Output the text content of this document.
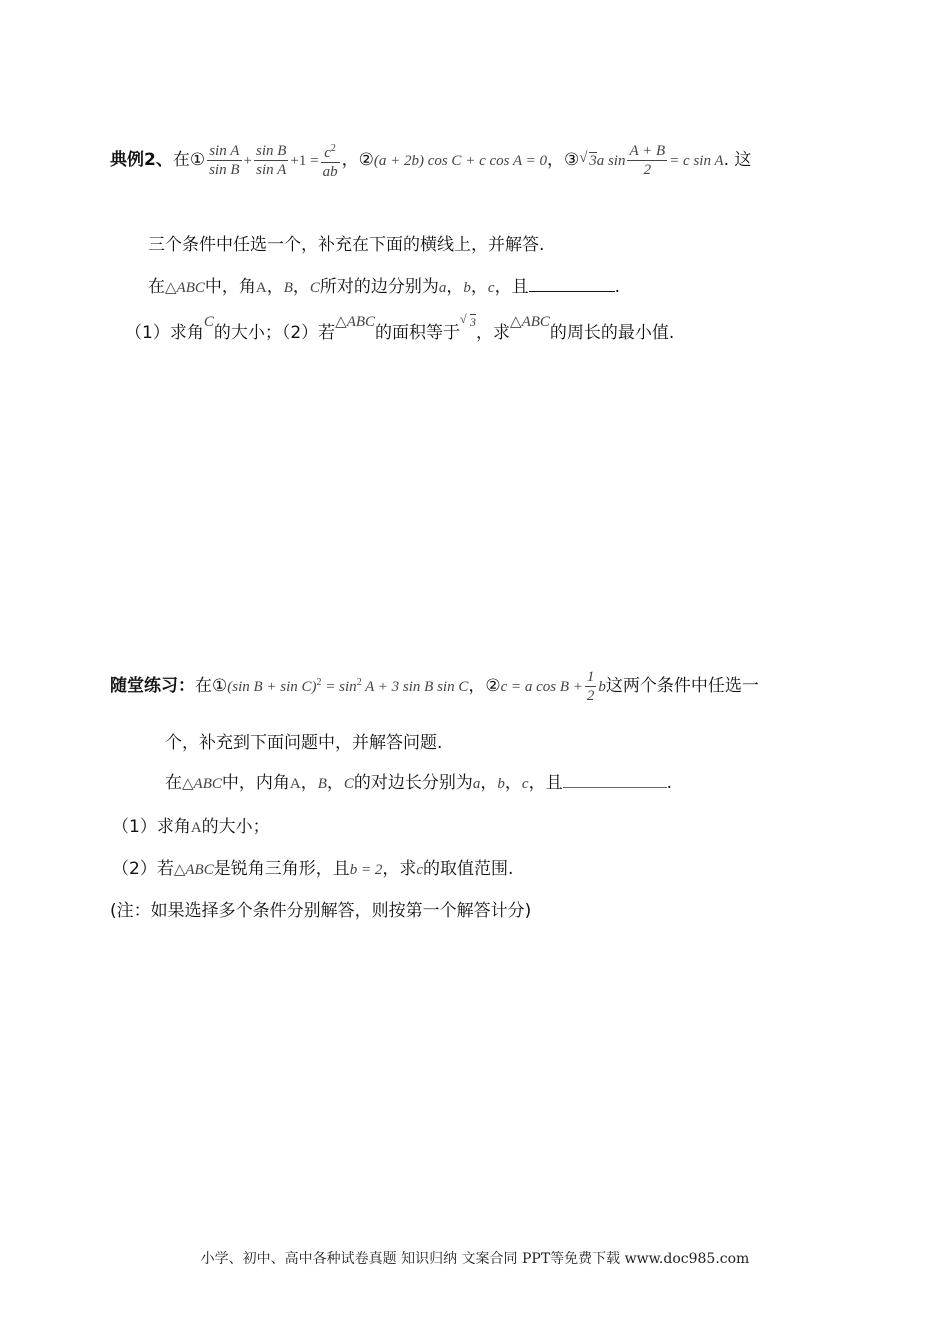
典例2、在① $\frac{\text{sin A}}{\text{sin B}} + \frac{\text{sin B}}{\text{sin A}} +1 = \frac{c^2}{ab}$ ，②(a + 2b) cos C + c cos A = 0，③√ 3a $\sin \frac{A + B}{2} = c$ sin A. 这
三个条件中任选一个，补充在下面的横线上，并解答.
在△ABC中，角A，B，C所对的边分别为a，b，c，且	.
（1）求角C的大小；（2）若△ABC的面积等于√ $^3$，求△ABC的周长的最小值.
随堂练习：在①(sin $B + \sin C)^2 = \sin^2 A + 3$ sin B sin C，②c = a $\cos B + \frac{1}{2}$ b这两个条件中任选一
个，补充到下面问题中，并解答问题.
在△ABC中，内角A，B，C的对边长分别为a，b，c，且	.
（1）求角A的大小；
（2）若△ABC是锐角三角形，且b = 2，求c的取值范围.
(注：如果选择多个条件分别解答，则按第一个解答计分)
小学、初中、高中各种试卷真题 知识归纳 文案合同 PPT等免费下载 www.doc985.com
